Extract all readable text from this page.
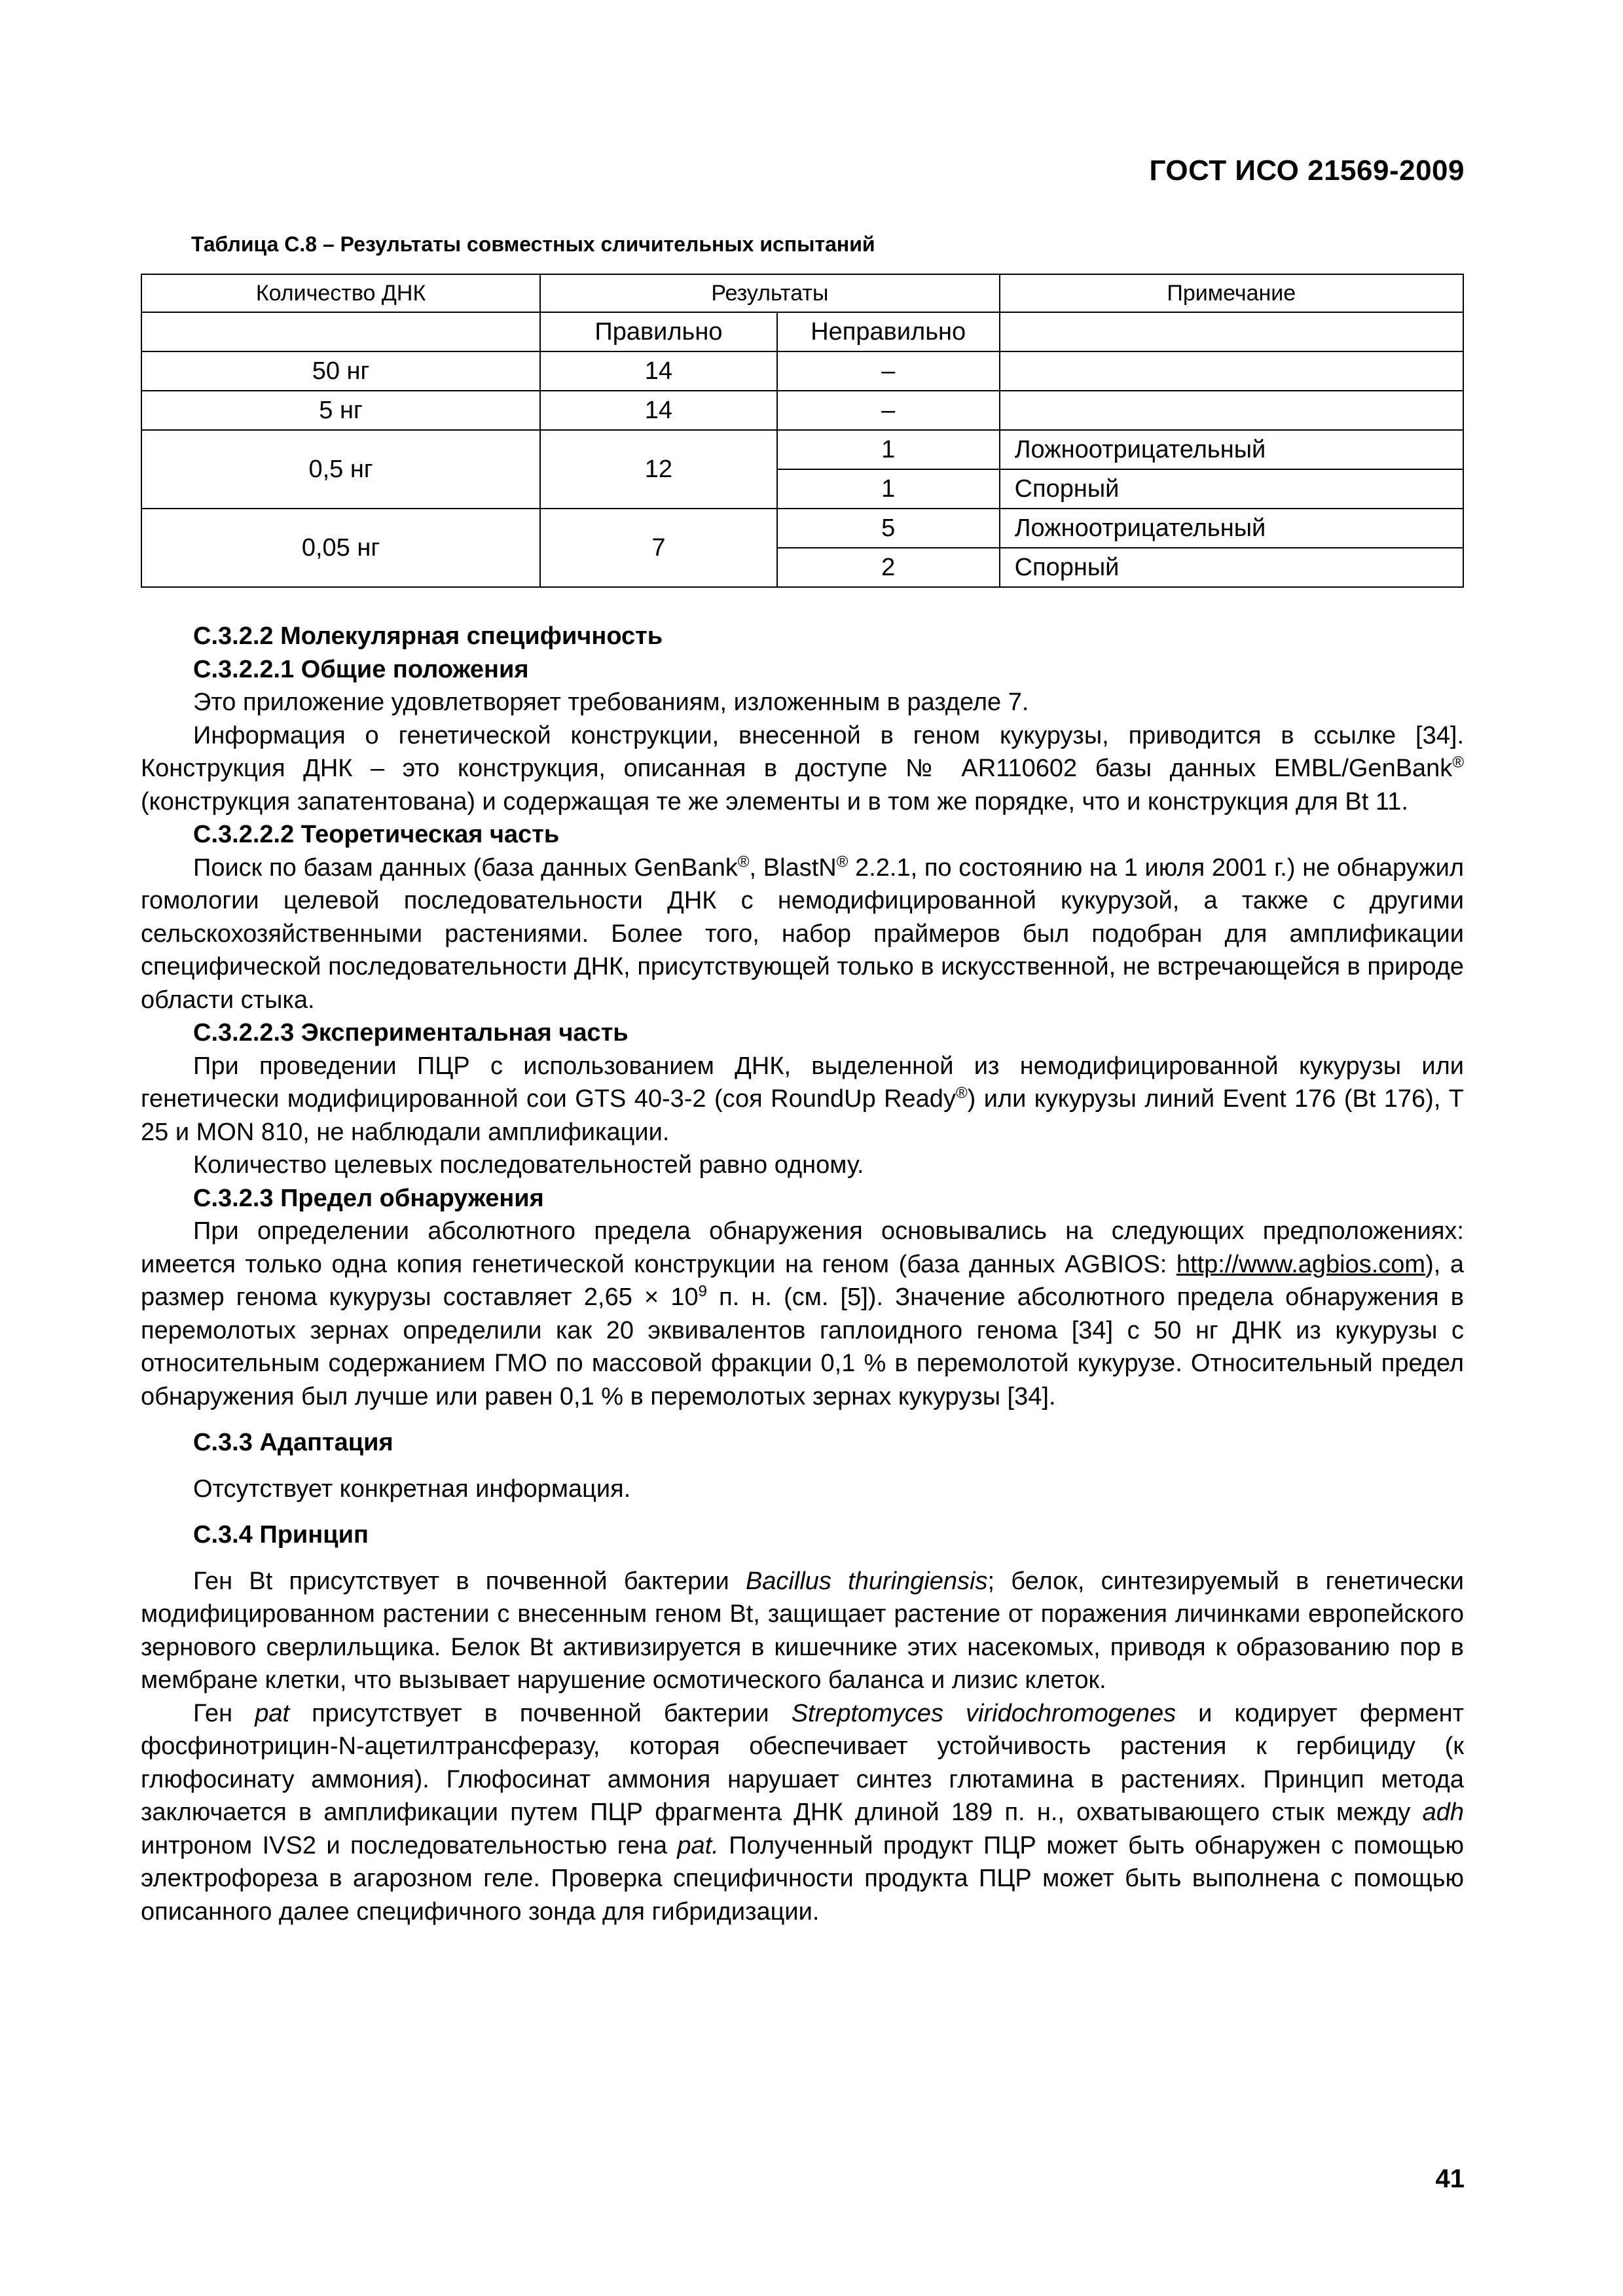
ГОСТ ИСО 21569-2009
Таблица С.8 – Результаты совместных сличительных испытаний
Количество ДНК	Результаты		Примечание
	Правильно	Неправильно	
50 нг	14	–	
5 нг	14	–	
0,5 нг	12	1	Ложноотрицательный
		1	Спорный
0,05 нг	7	5	Ложноотрицательный
		2	Спорный

С.3.2.2 Молекулярная специфичность

С.3.2.2.1 Общие положения

Это приложение удовлетворяет требованиям, изложенным в разделе 7.

Информация о генетической конструкции, внесенной в геном кукурузы, приводится в ссылке [34]. Конструкция ДНК – это конструкция, описанная в доступе № AR110602 базы данных EMBL/GenBank® (конструкция запатентована) и содержащая те же элементы и в том же порядке, что и конструкция для Bt 11.

С.3.2.2.2 Теоретическая часть

Поиск по базам данных (база данных GenBank®, BlastN® 2.2.1, по состоянию на 1 июля 2001 г.) не обнаружил гомологии целевой последовательности ДНК с немодифицированной кукурузой, а также с другими сельскохозяйственными растениями. Более того, набор праймеров был подобран для амплификации специфической последовательности ДНК, присутствующей только в искусственной, не встречающейся в природе области стыка.

С.3.2.2.3 Экспериментальная часть

При проведении ПЦР с использованием ДНК, выделенной из немодифицированной кукурузы или генетически модифицированной сои GTS 40-3-2 (соя RoundUp Ready®) или кукурузы линий Event 176 (Bt 176), Т 25 и MON 810, не наблюдали амплификации.

Количество целевых последовательностей равно одному.

С.3.2.3 Предел обнаружения

При определении абсолютного предела обнаружения основывались на следующих предположениях: имеется только одна копия генетической конструкции на геном (база данных AGBIOS: http://www.agbios.com), а размер генома кукурузы составляет $2,65 \times 10^9$ п. н. (см. [5]). Значение абсолютного предела обнаружения в перемолотых зернах определили как 20 эквивалентов гаплоидного генома [34] с 50 нг ДНК из кукурузы с относительным содержанием ГМО по массовой фракции 0,1 % в перемолотой кукурузе. Относительный предел обнаружения был лучше или равен 0,1 % в перемолотых зернах кукурузы [34].

С.3.3 Адаптация

Отсутствует конкретная информация.

С.3.4 Принцип

Ген Bt присутствует в почвенной бактерии Bacillus thuringiensis; белок, синтезируемый в генетически модифицированном растении с внесенным геном Bt, защищает растение от поражения личинками европейского зернового сверлильщика. Белок Bt активизируется в кишечнике этих насекомых, приводя к образованию пор в мембране клетки, что вызывает нарушение осмотического баланса и лизис клеток.

Ген pat присутствует в почвенной бактерии Streptomyces viridochromogenes и кодирует фермент фосфинотрицин-N-ацетилтрансферазу, которая обеспечивает устойчивость растения к гербициду (к глюфосинату аммония). Глюфосинат аммония нарушает синтез глютамина в растениях. Принцип метода заключается в амплификации путем ПЦР фрагмента ДНК длиной 189 п. н., охватывающего стык между adh интроном IVS2 и последовательностью гена pat. Полученный продукт ПЦР может быть обнаружен с помощью электрофореза в агарозном геле. Проверка специфичности продукта ПЦР может быть выполнена с помощью описанного далее специфичного зонда для гибридизации.

41
